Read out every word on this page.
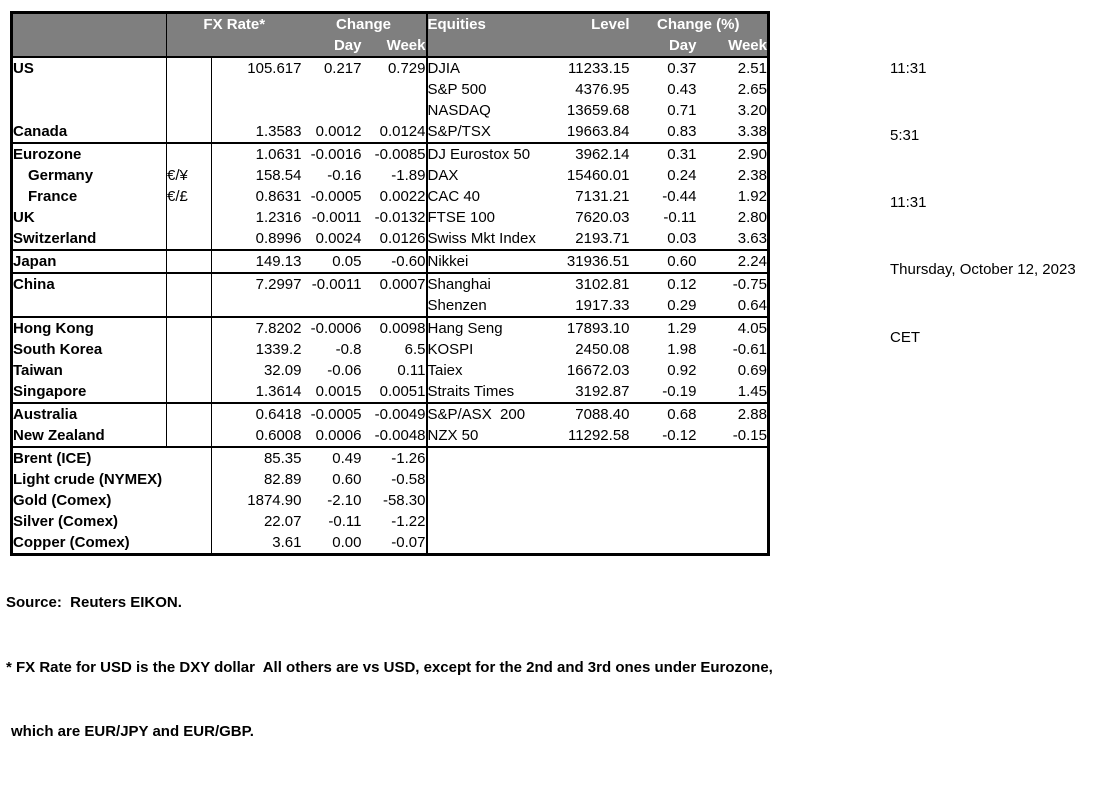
	FX Rate*		Change		Equities	Level	Change (%)	
			Day	Week			Day	Week
US		105.617	0.217	0.729	DJIA	11233.15	0.37	2.51
					S&P 500	4376.95	0.43	2.65
					NASDAQ	13659.68	0.71	3.20
Canada		1.3583	0.0012	0.0124	S&P/TSX	19663.84	0.83	3.38
Eurozone		1.0631	-0.0016	-0.0085	DJ Eurostox 50	3962.14	0.31	2.90
Germany	€/¥	158.54	-0.16	-1.89	DAX	15460.01	0.24	2.38
France	€/£	0.8631	-0.0005	0.0022	CAC 40	7131.21	-0.44	1.92
UK		1.2316	-0.0011	-0.0132	FTSE 100	7620.03	-0.11	2.80
Switzerland		0.8996	0.0024	0.0126	Swiss Mkt Index	2193.71	0.03	3.63
Japan		149.13	0.05	-0.60	Nikkei	31936.51	0.60	2.24
China		7.2997	-0.0011	0.0007	Shanghai	3102.81	0.12	-0.75
					Shenzen	1917.33	0.29	0.64
Hong Kong		7.8202	-0.0006	0.0098	Hang Seng	17893.10	1.29	4.05
South Korea		1339.2	-0.8	6.5	KOSPI	2450.08	1.98	-0.61
Taiwan		32.09	-0.06	0.11	Taiex	16672.03	0.92	0.69
Singapore		1.3614	0.0015	0.0051	Straits Times	3192.87	-0.19	1.45
Australia		0.6418	-0.0005	-0.0049	S&P/ASX  200	7088.40	0.68	2.88
New Zealand		0.6008	0.0006	-0.0048	NZX 50	11292.58	-0.12	-0.15
Brent (ICE)		85.35	0.49	-1.26				
Light crude (NYMEX)		82.89	0.60	-0.58				
Gold (Comex)		1874.90	-2.10	-58.30				
Silver (Comex)		22.07	-0.11	-1.22				
Copper (Comex)		3.61	0.00	-0.07				

11:31

5:31

11:31

Thursday, October 12, 2023

CET

Source:  Reuters EIKON.

* FX Rate for USD is the DXY dollar  All others are vs USD, except for the 2nd and 3rd ones under Eurozone,

which are EUR/JPY and EUR/GBP.
